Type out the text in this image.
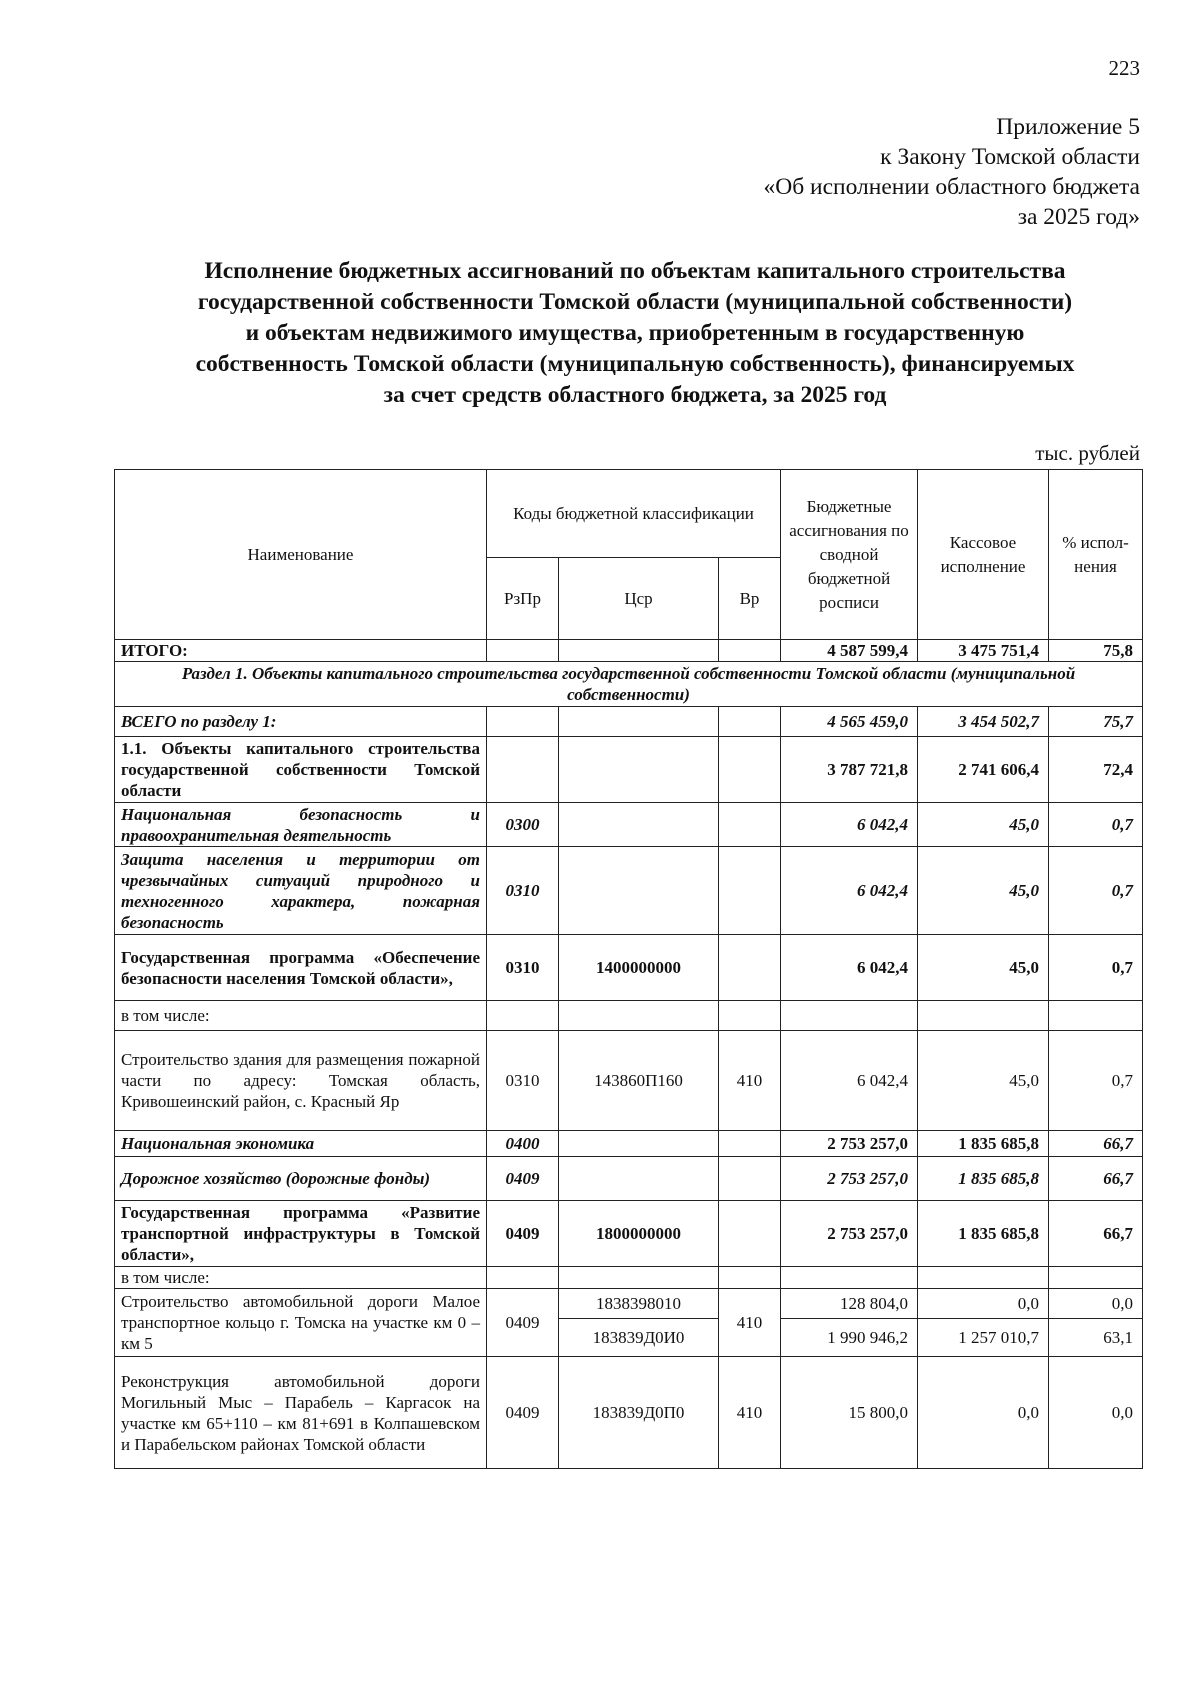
223
Приложение 5
к Закону Томской области
«Об исполнении областного бюджета
за 2025 год»
Исполнение бюджетных ассигнований по объектам капитального строительства
государственной собственности Томской области (муниципальной собственности)
и объектам недвижимого имущества, приобретенным в государственную
собственность Томской области (муниципальную собственность), финансируемых
за счет средств областного бюджета, за 2025 год
тыс. рублей
Наименование	Коды бюджетной классификации			Бюджетные ассигнования по сводной бюджетной росписи	Кассовое исполнение	% испол-нения
	РзПр	Цср	Вр			
ИТОГО:				4 587 599,4	3 475 751,4	75,8
Раздел 1. Объекты капитального строительства государственной собственности Томской области (муниципальной собственности)						
ВСЕГО по разделу 1:				4 565 459,0	3 454 502,7	75,7
1.1. Объекты капитального строительства государственной собственности Томской области				3 787 721,8	2 741 606,4	72,4
Национальная безопасность и правоохранительная деятельность	0300			6 042,4	45,0	0,7
Защита населения и территории от чрезвычайных ситуаций природного и техногенного характера, пожарная безопасность	0310			6 042,4	45,0	0,7
Государственная программа «Обеспечение безопасности населения Томской области»,	0310	1400000000		6 042,4	45,0	0,7
в том числе:						
Строительство здания для размещения пожарной части по адресу: Томская область, Кривошеинский район, с. Красный Яр	0310	143860П160	410	6 042,4	45,0	0,7
Национальная экономика	0400			2 753 257,0	1 835 685,8	66,7
Дорожное хозяйство (дорожные фонды)	0409			2 753 257,0	1 835 685,8	66,7
Государственная программа «Развитие транспортной инфраструктуры в Томской области»,	0409	1800000000		2 753 257,0	1 835 685,8	66,7
в том числе:						
Строительство автомобильной дороги Малое транспортное кольцо г. Томска на участке км 0 – км 5	0409	1838398010	410	128 804,0	0,0	0,0
		183839Д0И0		1 990 946,2	1 257 010,7	63,1
Реконструкция автомобильной дороги Могильный Мыс – Парабель – Каргасок на участке км 65+110 – км 81+691 в Колпашевском и Парабельском районах Томской области	0409	183839Д0П0	410	15 800,0	0,0	0,0
